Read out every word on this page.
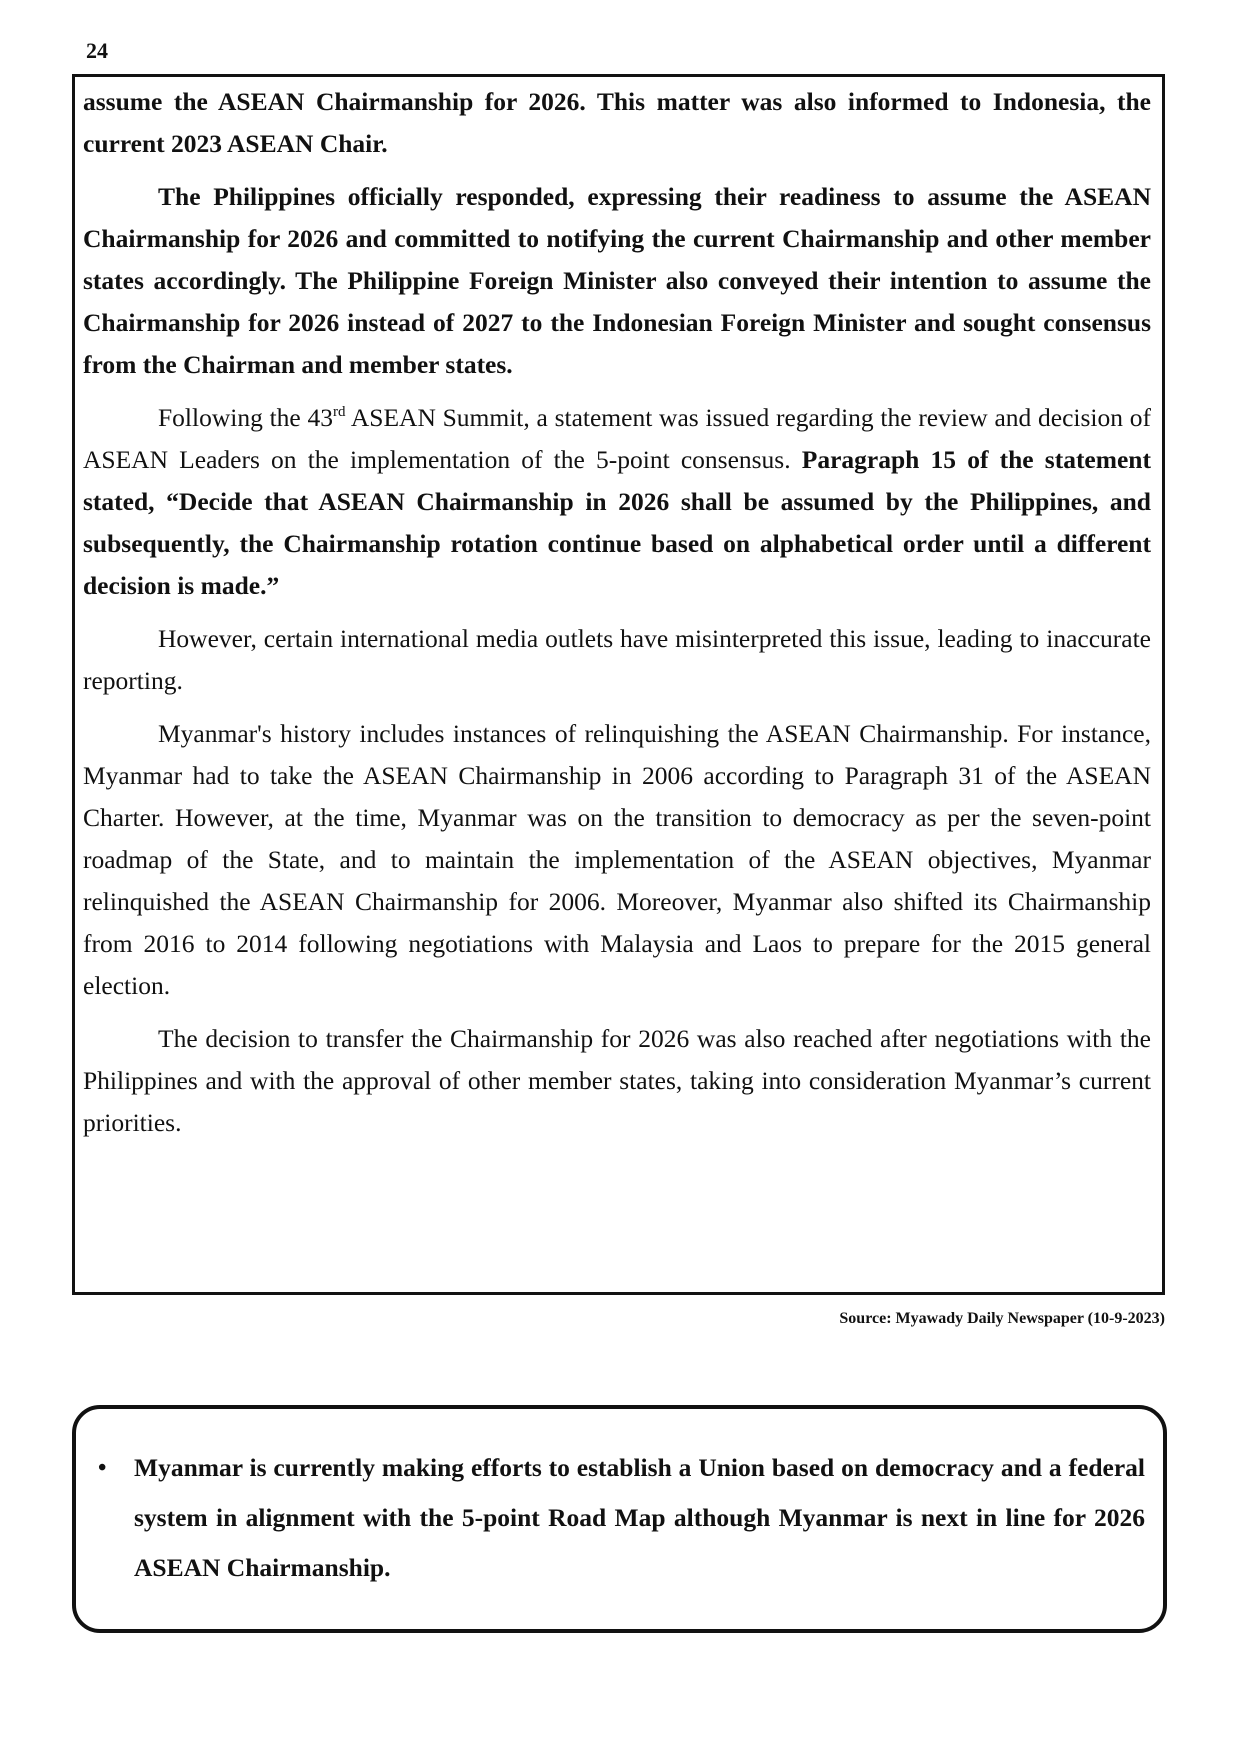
24

assume the ASEAN Chairmanship for 2026. This matter was also informed to Indonesia, the current 2023 ASEAN Chair.

The Philippines officially responded, expressing their readiness to assume the ASEAN Chairmanship for 2026 and committed to notifying the current Chairmanship and other member states accordingly. The Philippine Foreign Minister also conveyed their intention to assume the Chairmanship for 2026 instead of 2027 to the Indonesian Foreign Minister and sought consensus from the Chairman and member states.

Following the 43rd ASEAN Summit, a statement was issued regarding the review and decision of ASEAN Leaders on the implementation of the 5-point consensus. Paragraph 15 of the statement stated, “Decide that ASEAN Chairmanship in 2026 shall be assumed by the Philippines, and subsequently, the Chairmanship rotation continue based on alphabetical order until a different decision is made.”

However, certain international media outlets have misinterpreted this issue, leading to inaccurate reporting.

Myanmar's history includes instances of relinquishing the ASEAN Chairmanship. For instance, Myanmar had to take the ASEAN Chairmanship in 2006 according to Paragraph 31 of the ASEAN Charter. However, at the time, Myanmar was on the transition to democracy as per the seven-point roadmap of the State, and to maintain the implementation of the ASEAN objectives, Myanmar relinquished the ASEAN Chairmanship for 2006. Moreover, Myanmar also shifted its Chairmanship from 2016 to 2014 following negotiations with Malaysia and Laos to prepare for the 2015 general election.

The decision to transfer the Chairmanship for 2026 was also reached after negotiations with the Philippines and with the approval of other member states, taking into consideration Myanmar’s current priorities.

Source: Myawady Daily Newspaper (10-9-2023)
• Myanmar is currently making efforts to establish a Union based on democracy and a federal system in alignment with the 5-point Road Map although Myanmar is next in line for 2026 ASEAN Chairmanship.
